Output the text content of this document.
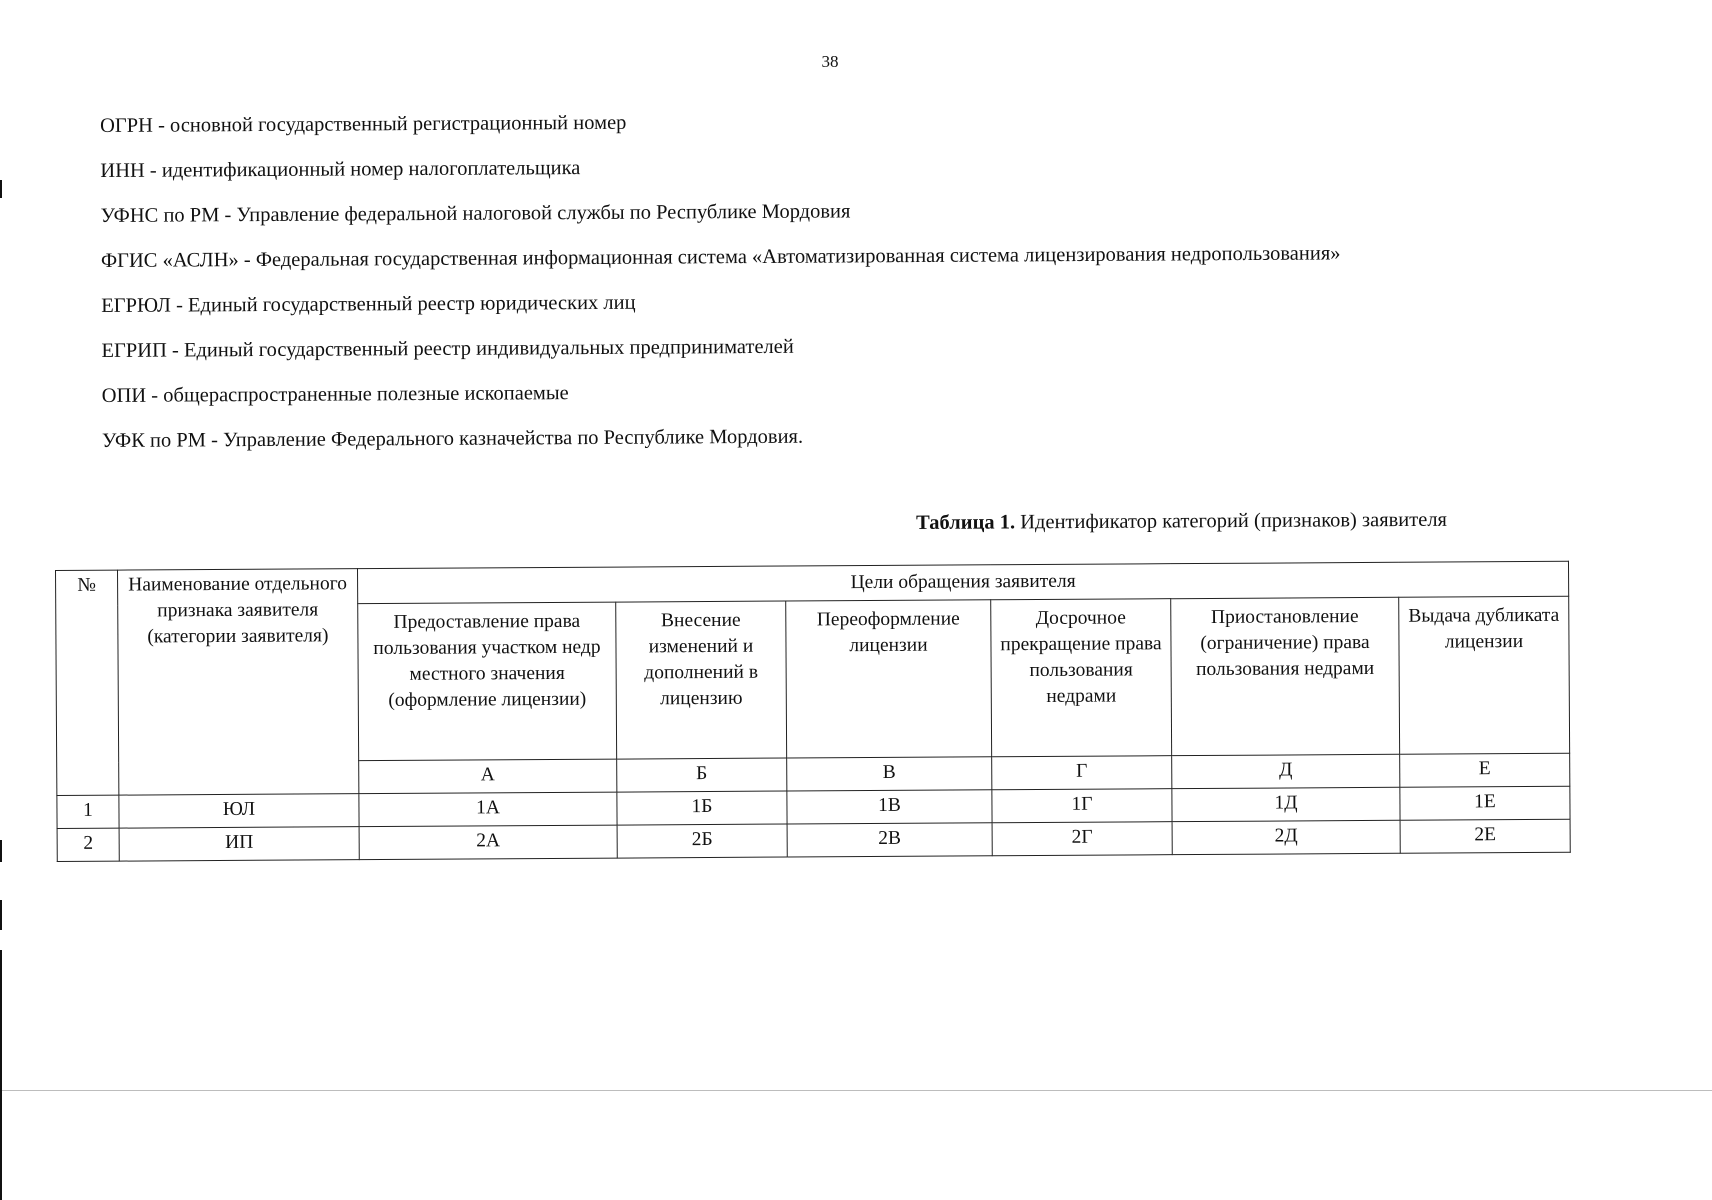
38
ОГРН - основной государственный регистрационный номер
ИНН - идентификационный номер налогоплательщика
УФНС по РМ - Управление федеральной налоговой службы по Республике Мордовия
ФГИС «АСЛН» - Федеральная государственная информационная система «Автоматизированная система лицензирования недропользования»
ЕГРЮЛ - Единый государственный реестр юридических лиц
ЕГРИП - Единый государственный реестр индивидуальных предпринимателей
ОПИ - общераспространенные полезные ископаемые
УФК по РМ - Управление Федерального казначейства по Республике Мордовия.
Таблица 1. Идентификатор категорий (признаков) заявителя
№	Наименование отдельного признака заявителя (категории заявителя)	Цели обращения заявителя					
		Предоставление права пользования участком недр местного значения (оформление лицензии)	Внесение изменений и дополнений в лицензию	Переоформление лицензии	Досрочное прекращение права пользования недрами	Приостановление (ограничение) права пользования недрами	Выдача дубликата лицензии
		А	Б	В	Г	Д	Е
1	ЮЛ	1А	1Б	1В	1Г	1Д	1Е
2	ИП	2А	2Б	2В	2Г	2Д	2Е
